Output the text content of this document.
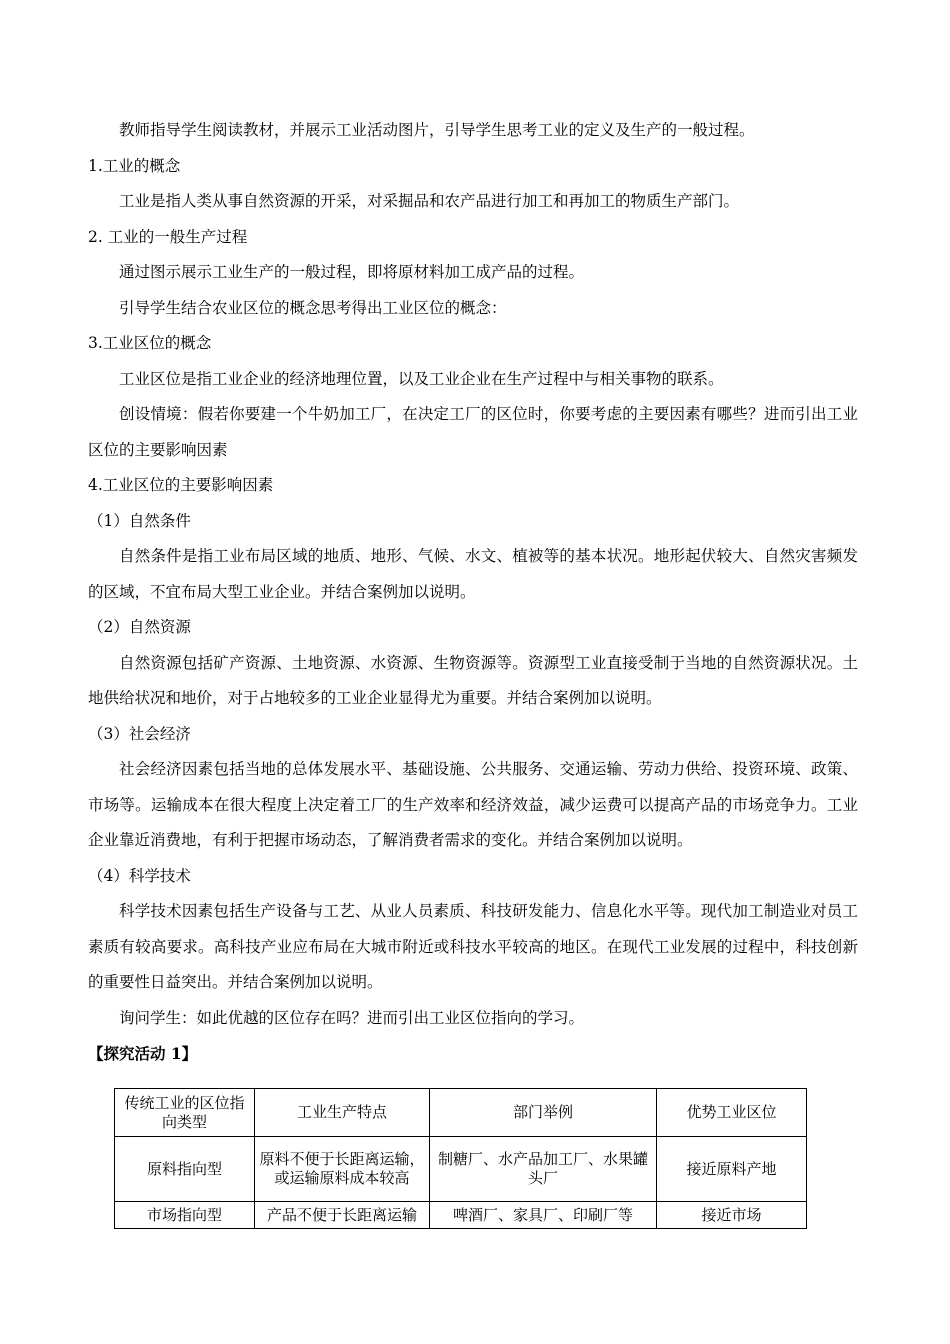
教师指导学生阅读教材，并展示工业活动图片，引导学生思考工业的定义及生产的一般过程。

1.工业的概念

工业是指人类从事自然资源的开采，对采掘品和农产品进行加工和再加工的物质生产部门。

2. 工业的一般生产过程

通过图示展示工业生产的一般过程，即将原材料加工成产品的过程。

引导学生结合农业区位的概念思考得出工业区位的概念：

3.工业区位的概念

工业区位是指工业企业的经济地理位置，以及工业企业在生产过程中与相关事物的联系。

创设情境：假若你要建一个牛奶加工厂，在决定工厂的区位时，你要考虑的主要因素有哪些？进而引出工业区位的主要影响因素

4.工业区位的主要影响因素

（1）自然条件

自然条件是指工业布局区域的地质、地形、气候、水文、植被等的基本状况。地形起伏较大、自然灾害频发的区域，不宜布局大型工业企业。并结合案例加以说明。

（2）自然资源

自然资源包括矿产资源、土地资源、水资源、生物资源等。资源型工业直接受制于当地的自然资源状况。土地供给状况和地价，对于占地较多的工业企业显得尤为重要。并结合案例加以说明。

（3）社会经济

社会经济因素包括当地的总体发展水平、基础设施、公共服务、交通运输、劳动力供给、投资环境、政策、市场等。运输成本在很大程度上决定着工厂的生产效率和经济效益，减少运费可以提高产品的市场竞争力。工业企业靠近消费地，有利于把握市场动态，了解消费者需求的变化。并结合案例加以说明。

（4）科学技术

科学技术因素包括生产设备与工艺、从业人员素质、科技研发能力、信息化水平等。现代加工制造业对员工素质有较高要求。高科技产业应布局在大城市附近或科技水平较高的地区。在现代工业发展的过程中，科技创新的重要性日益突出。并结合案例加以说明。

询问学生：如此优越的区位存在吗？进而引出工业区位指向的学习。

【探究活动 1】

传统工业的区位指向类型	工业生产特点	部门举例	优势工业区位
原料指向型	原料不便于长距离运输，或运输原料成本较高	制糖厂、水产品加工厂、水果罐头厂	接近原料产地
市场指向型	产品不便于长距离运输	啤酒厂、家具厂、印刷厂等	接近市场
